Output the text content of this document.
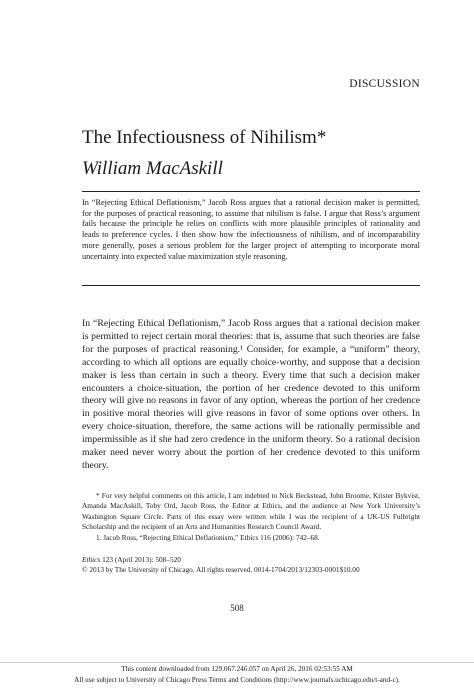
DISCUSSION
The Infectiousness of Nihilism*

William MacAskill

In “Rejecting Ethical Deflationism,” Jacob Ross argues that a rational decision maker is permitted, for the purposes of practical reasoning, to assume that nihilism is false. I argue that Ross’s argument fails because the principle he relies on conflicts with more plausible principles of rationality and leads to preference cycles. I then show how the infectiousness of nihilism, and of incomparability more generally, poses a serious problem for the larger project of attempting to incorporate moral uncertainty into expected value maximization style reasoning.

In “Rejecting Ethical Deflationism,” Jacob Ross argues that a rational decision maker is permitted to reject certain moral theories: that is, assume that such theories are false for the purposes of practical reasoning.¹ Consider, for example, a “uniform” theory, according to which all options are equally choice-worthy, and suppose that a decision maker is less than certain in such a theory. Every time that such a decision maker encounters a choice-situation, the portion of her credence devoted to this uniform theory will give no reasons in favor of any option, whereas the portion of her credence in positive moral theories will give reasons in favor of some options over others. In every choice-situation, therefore, the same actions will be rationally permissible and impermissible as if she had zero credence in the uniform theory. So a rational decision maker need never worry about the portion of her credence devoted to this uniform theory.

* For very helpful comments on this article, I am indebted to Nick Beckstead, John Broome, Krister Bykvist, Amanda MacAskill, Toby Ord, Jacob Ross, the Editor at Ethics, and the audience at New York University’s Washington Square Circle. Parts of this essay were written while I was the recipient of a UK-US Fulbright Scholarship and the recipient of an Arts and Humanities Research Council Award.

1. Jacob Ross, “Rejecting Ethical Deflationism,” Ethics 116 (2006): 742–68.

Ethics 123 (April 2013): 508–520

© 2013 by The University of Chicago. All rights reserved. 0014-1704/2013/12303-0001$10.00

508
This content downloaded from 129.067.246.057 on April 26, 2016 02:53:55 AM
All use subject to University of Chicago Press Terms and Conditions (http://www.journals.uchicago.edu/t-and-c).
